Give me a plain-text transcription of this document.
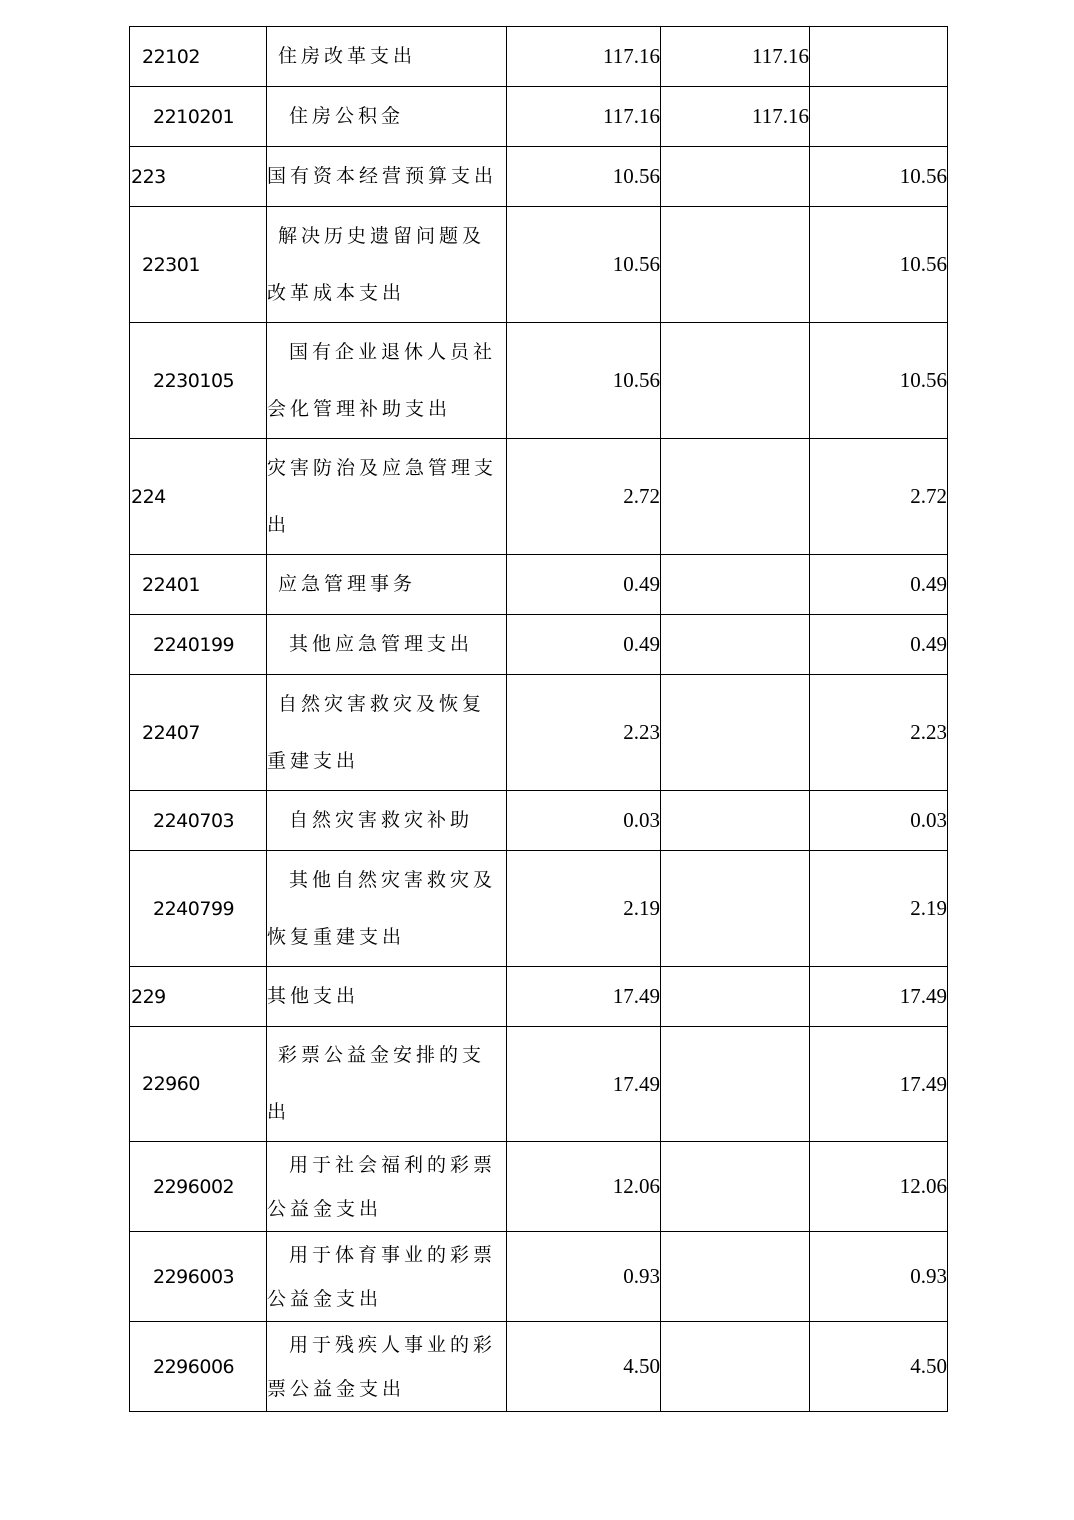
22102	住房改革支出	117.16	117.16	
2210201	住房公积金	117.16	117.16	
223	国有资本经营预算支出	10.56		10.56
22301	解决历史遗留问题及改革成本支出	10.56		10.56
2230105	国有企业退休人员社会化管理补助支出	10.56		10.56
224	灾害防治及应急管理支出	2.72		2.72
22401	应急管理事务	0.49		0.49
2240199	其他应急管理支出	0.49		0.49
22407	自然灾害救灾及恢复重建支出	2.23		2.23
2240703	自然灾害救灾补助	0.03		0.03
2240799	其他自然灾害救灾及恢复重建支出	2.19		2.19
229	其他支出	17.49		17.49
22960	彩票公益金安排的支出	17.49		17.49
2296002	用于社会福利的彩票公益金支出	12.06		12.06
2296003	用于体育事业的彩票公益金支出	0.93		0.93
2296006	用于残疾人事业的彩票公益金支出	4.50		4.50
